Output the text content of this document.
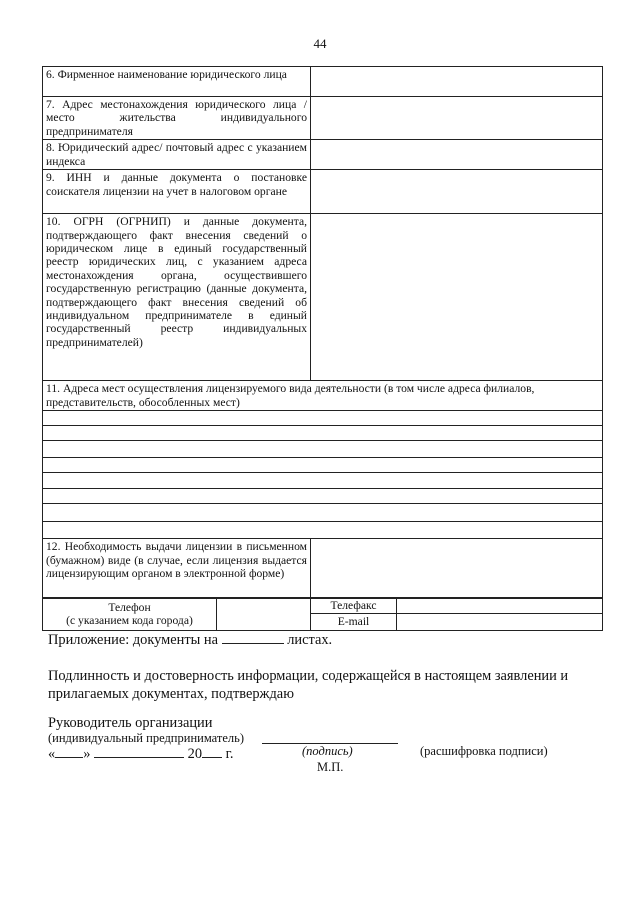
44
6. Фирменное наименование юридического лица	
7. Адрес местонахождения юридического лица / место жительства индивидуального предпринимателя	
8. Юридический адрес/ почтовый адрес с указанием индекса	
9. ИНН и данные документа о постановке соискателя лицензии на учет в налоговом органе	
10. ОГРН (ОГРНИП) и данные документа, подтверждающего факт внесения сведений о юридическом лице в единый государственный реестр юридических лиц, с указанием адреса местонахождения органа, осуществившего государственную регистрацию (данные документа, подтверждающего факт внесения сведений об индивидуальном предпринимателе в единый государственный реестр индивидуальных предпринимателей)	
11. Адреса мест осуществления лицензируемого вида деятельности (в том числе адреса филиалов, представительств, обособленных мест)	

12. Необходимость выдачи лицензии в письменном (бумажном) виде (в случае, если лицензия выдается лицензирующим органом в электронной форме)	
Телефон
(с указанием кода города)		Телефакс	
		E-mail	
Приложение: документы на	листах.
Подлинность и достоверность информации, содержащейся в настоящем заявлении и прилагаемых документах, подтверждаю
Руководитель организации
(индивидуальный предприниматель)
« »	20 г.	(подпись)	(расшифровка подписи)
М.П.
